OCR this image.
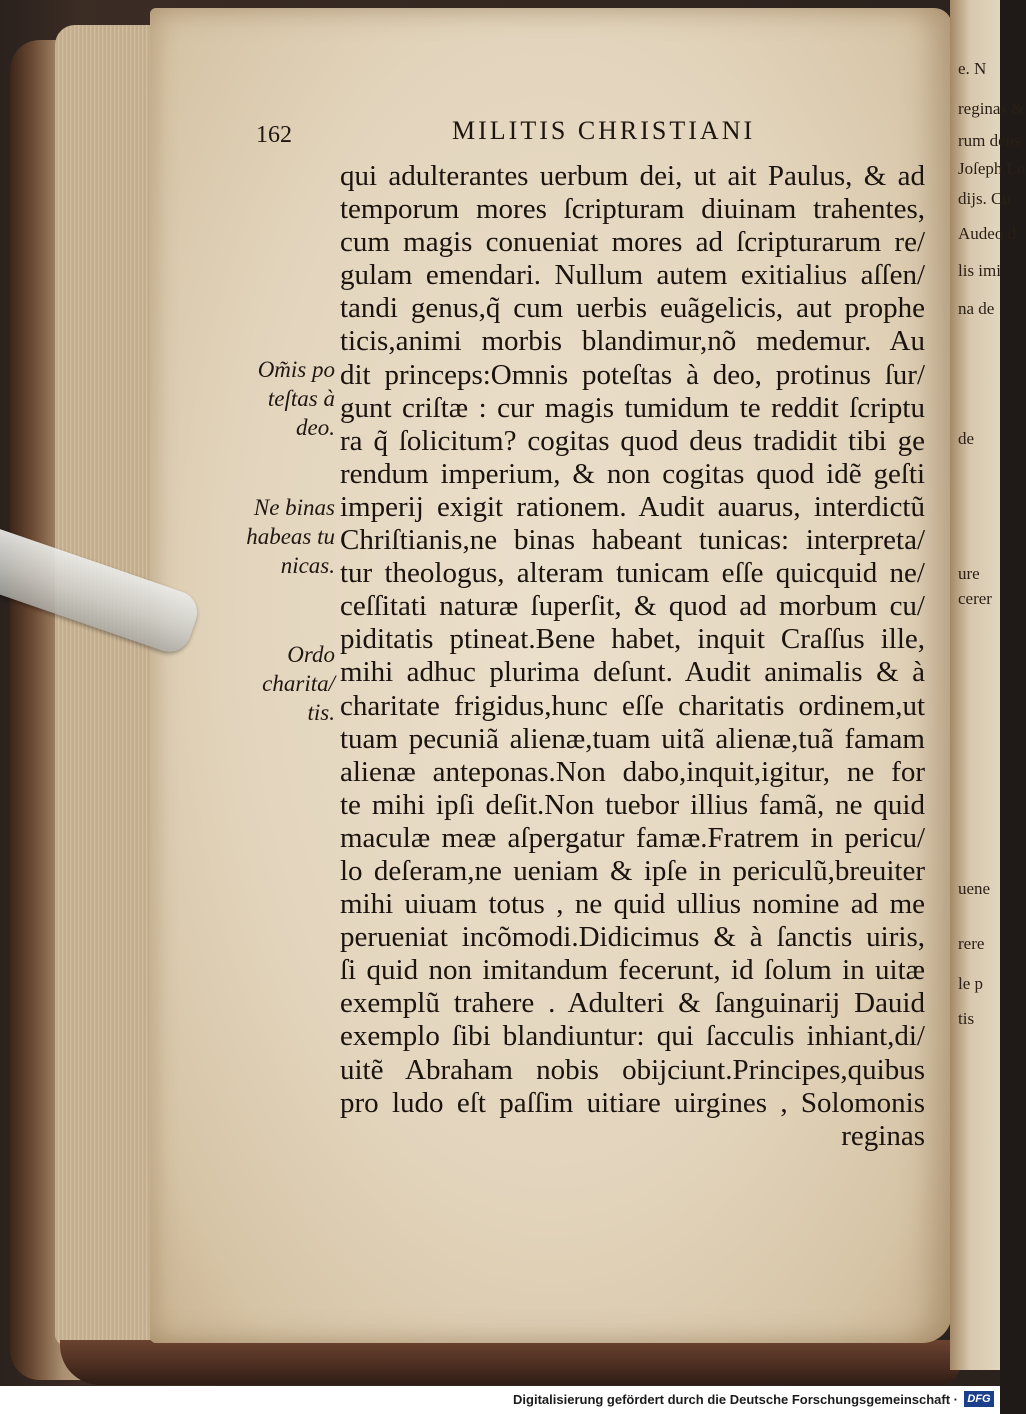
e. N
reginas &
rum deus
Joſeph Lo
dijs. Cu
Audeo d
lis imi
na de
de
ure
cerer
uene
rere
le p
tis
162	MILITIS CHRISTIANI
qui adulterantes uerbum dei, ut ait Paulus, & ad
temporum mores ſcripturam diuinam trahentes,
cum magis conueniat mores ad ſcripturarum re/
gulam emendari. Nullum autem exitialius aſſen/
tandi genus,q̃ cum uerbis euãgelicis, aut prophe
ticis,animi morbis blandimur,nõ medemur. Au
dit princeps:Omnis poteſtas à deo, protinus ſur/
gunt criſtæ : cur magis tumidum te reddit ſcriptu
ra q̃ ſolicitum? cogitas quod deus tradidit tibi ge
rendum imperium, & non cogitas quod idẽ geſti
imperij exigit rationem. Audit auarus, interdictũ
Chriſtianis,ne binas habeant tunicas: interpreta/
tur theologus, alteram tunicam eſſe quicquid ne/
ceſſitati naturæ ſuperſit, & quod ad morbum cu/
piditatis ptineat.Bene habet, inquit Craſſus ille,
mihi adhuc plurima deſunt. Audit animalis & à
charitate frigidus,hunc eſſe charitatis ordinem,ut
tuam pecuniã alienæ,tuam uitã alienæ,tuã famam
alienæ anteponas.Non dabo,inquit,igitur, ne for
te mihi ipſi deſit.Non tuebor illius famã, ne quid
maculæ meæ aſpergatur famæ.Fratrem in pericu/
lo deſeram,ne ueniam & ipſe in periculũ,breuiter
mihi uiuam totus , ne quid ullius nomine ad me
perueniat incõmodi.Didicimus & à ſanctis uiris,
ſi quid non imitandum fecerunt, id ſolum in uitæ
exemplũ trahere . Adulteri & ſanguinarij Dauid
exemplo ſibi blandiuntur: qui ſacculis inhiant,di/
uitẽ Abraham nobis obijciunt.Principes,quibus
pro ludo eſt paſſim uitiare uirgines , Solomonis
reginas
Om̃is po
teſtas à
deo.
Ne binas
habeas tu
nicas.
Ordo
charita/
tis.
Digitalisierung gefördert durch die Deutsche Forschungsgemeinschaft · DFG
